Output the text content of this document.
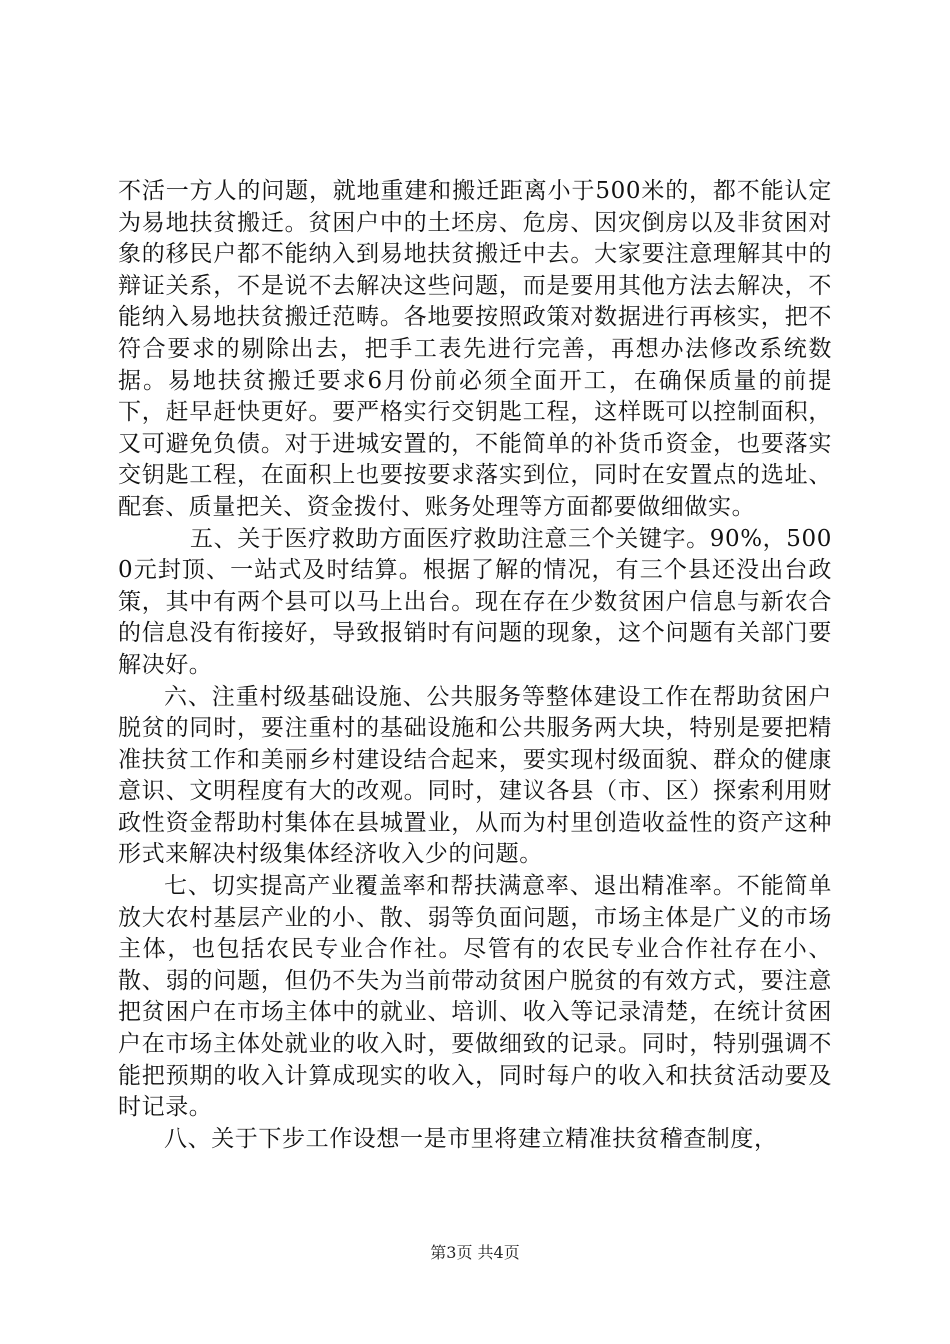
不活一方人的问题，就地重建和搬迁距离小于500米的，都不能认定为易地扶贫搬迁。贫困户中的土坯房、危房、因灾倒房以及非贫困对象的移民户都不能纳入到易地扶贫搬迁中去。大家要注意理解其中的辩证关系，不是说不去解决这些问题，而是要用其他方法去解决，不能纳入易地扶贫搬迁范畴。各地要按照政策对数据进行再核实，把不符合要求的剔除出去，把手工表先进行完善，再想办法修改系统数据。易地扶贫搬迁要求6月份前必须全面开工，在确保质量的前提下，赶早赶快更好。要严格实行交钥匙工程，这样既可以控制面积，又可避免负债。对于进城安置的，不能简单的补货币资金，也要落实交钥匙工程，在面积上也要按要求落实到位，同时在安置点的选址、配套、质量把关、资金拨付、账务处理等方面都要做细做实。

五、关于医疗救助方面医疗救助注意三个关键字。90%，5000元封顶、一站式及时结算。根据了解的情况，有三个县还没出台政策，其中有两个县可以马上出台。现在存在少数贫困户信息与新农合的信息没有衔接好，导致报销时有问题的现象，这个问题有关部门要解决好。

六、注重村级基础设施、公共服务等整体建设工作在帮助贫困户脱贫的同时，要注重村的基础设施和公共服务两大块，特别是要把精准扶贫工作和美丽乡村建设结合起来，要实现村级面貌、群众的健康意识、文明程度有大的改观。同时，建议各县（市、区）探索利用财政性资金帮助村集体在县城置业，从而为村里创造收益性的资产这种形式来解决村级集体经济收入少的问题。

七、切实提高产业覆盖率和帮扶满意率、退出精准率。不能简单放大农村基层产业的小、散、弱等负面问题，市场主体是广义的市场主体，也包括农民专业合作社。尽管有的农民专业合作社存在小、散、弱的问题，但仍不失为当前带动贫困户脱贫的有效方式，要注意把贫困户在市场主体中的就业、培训、收入等记录清楚，在统计贫困户在市场主体处就业的收入时，要做细致的记录。同时，特别强调不能把预期的收入计算成现实的收入，同时每户的收入和扶贫活动要及时记录。

八、关于下步工作设想一是市里将建立精准扶贫稽查制度，

第3页 共4页
